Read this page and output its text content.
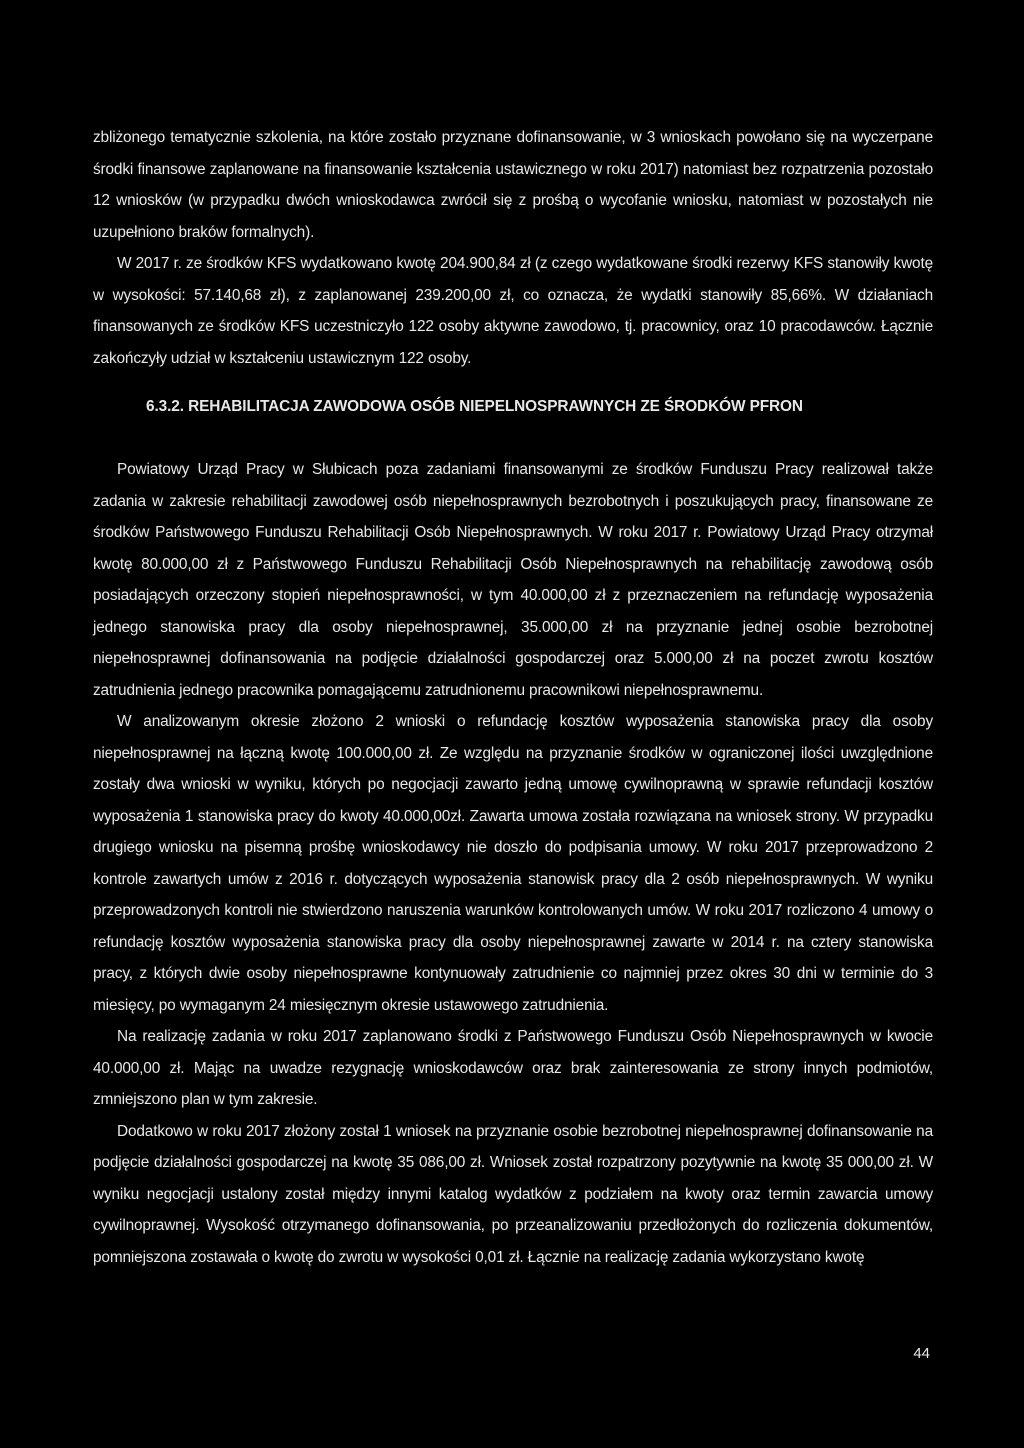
zbliżonego tematycznie szkolenia, na które zostało przyznane dofinansowanie, w 3 wnioskach powołano się na wyczerpane środki finansowe zaplanowane na finansowanie kształcenia ustawicznego w roku 2017) natomiast bez rozpatrzenia pozostało 12 wniosków (w przypadku dwóch wnioskodawca zwrócił się z prośbą o wycofanie wniosku, natomiast w pozostałych nie uzupełniono braków formalnych).

W 2017 r. ze środków KFS wydatkowano kwotę 204.900,84 zł (z czego wydatkowane środki rezerwy KFS stanowiły kwotę w wysokości: 57.140,68 zł), z zaplanowanej 239.200,00 zł, co oznacza, że wydatki stanowiły 85,66%. W działaniach finansowanych ze środków KFS uczestniczyło 122 osoby aktywne zawodowo, tj. pracownicy, oraz 10 pracodawców. Łącznie zakończyły udział w kształceniu ustawicznym 122 osoby.

6.3.2. REHABILITACJA ZAWODOWA OSÓB NIEPELNOSPRAWNYCH ZE ŚRODKÓW PFRON

Powiatowy Urząd Pracy w Słubicach poza zadaniami finansowanymi ze środków Funduszu Pracy realizował także zadania w zakresie rehabilitacji zawodowej osób niepełnosprawnych bezrobotnych i poszukujących pracy, finansowane ze środków Państwowego Funduszu Rehabilitacji Osób Niepełnosprawnych. W roku 2017 r. Powiatowy Urząd Pracy otrzymał kwotę 80.000,00 zł z Państwowego Funduszu Rehabilitacji Osób Niepełnosprawnych na rehabilitację zawodową osób posiadających orzeczony stopień niepełnosprawności, w tym 40.000,00 zł z przeznaczeniem na refundację wyposażenia jednego stanowiska pracy dla osoby niepełnosprawnej, 35.000,00 zł na przyznanie jednej osobie bezrobotnej niepełnosprawnej dofinansowania na podjęcie działalności gospodarczej oraz 5.000,00 zł na poczet zwrotu kosztów zatrudnienia jednego pracownika pomagającemu zatrudnionemu pracownikowi niepełnosprawnemu.

W analizowanym okresie złożono 2 wnioski o refundację kosztów wyposażenia stanowiska pracy dla osoby niepełnosprawnej na łączną kwotę 100.000,00 zł. Ze względu na przyznanie środków w ograniczonej ilości uwzględnione zostały dwa wnioski w wyniku, których po negocjacji zawarto jedną umowę cywilnoprawną w sprawie refundacji kosztów wyposażenia 1 stanowiska pracy do kwoty 40.000,00zł. Zawarta umowa została rozwiązana na wniosek strony. W przypadku drugiego wniosku na pisemną prośbę wnioskodawcy nie doszło do podpisania umowy. W roku 2017 przeprowadzono 2 kontrole zawartych umów z 2016 r. dotyczących wyposażenia stanowisk pracy dla 2 osób niepełnosprawnych. W wyniku przeprowadzonych kontroli nie stwierdzono naruszenia warunków kontrolowanych umów. W roku 2017 rozliczono 4 umowy o refundację kosztów wyposażenia stanowiska pracy dla osoby niepełnosprawnej zawarte w 2014 r. na cztery stanowiska pracy, z których dwie osoby niepełnosprawne kontynuowały zatrudnienie co najmniej przez okres 30 dni w terminie do 3 miesięcy, po wymaganym 24 miesięcznym okresie ustawowego zatrudnienia.

Na realizację zadania w roku 2017 zaplanowano środki z Państwowego Funduszu Osób Niepełnosprawnych w kwocie 40.000,00 zł. Mając na uwadze rezygnację wnioskodawców oraz brak zainteresowania ze strony innych podmiotów, zmniejszono plan w tym zakresie.

Dodatkowo w roku 2017 złożony został 1 wniosek na przyznanie osobie bezrobotnej niepełnosprawnej dofinansowanie na podjęcie działalności gospodarczej na kwotę 35 086,00 zł. Wniosek został rozpatrzony pozytywnie na kwotę 35 000,00 zł. W wyniku negocjacji ustalony został między innymi katalog wydatków z podziałem na kwoty oraz termin zawarcia umowy cywilnoprawnej. Wysokość otrzymanego dofinansowania, po przeanalizowaniu przedłożonych do rozliczenia dokumentów, pomniejszona zostawała o kwotę do zwrotu w wysokości 0,01 zł. Łącznie na realizację zadania wykorzystano kwotę

44
